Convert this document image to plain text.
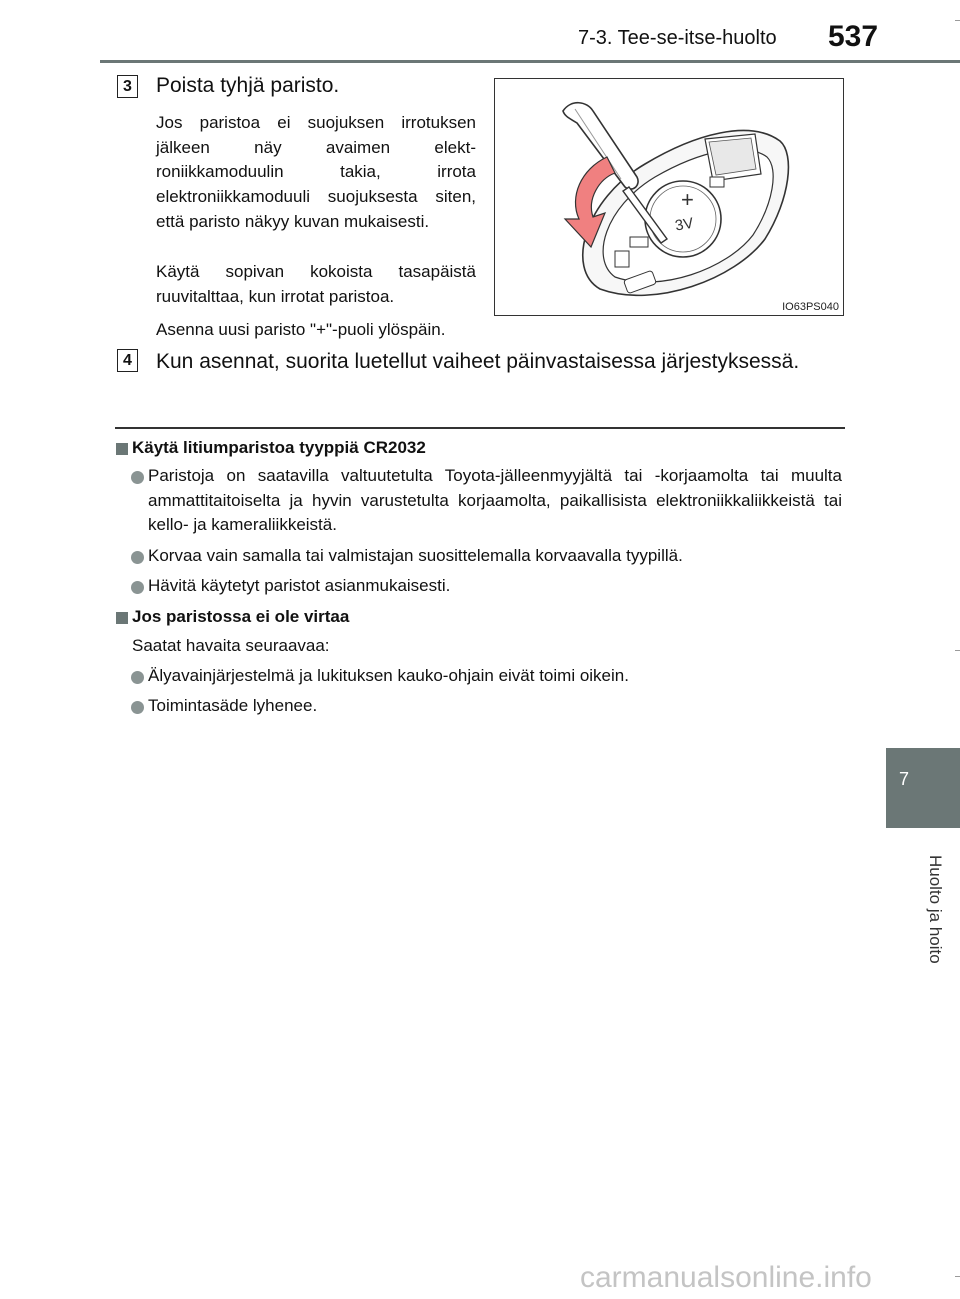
7-3. Tee-se-itse-huolto 537
7
Huolto ja hoito
3 Poista tyhjä paristo.
Jos paristoa ei suojuksen irrotuksen jälkeen näy avaimen elektroniikkamoduulin takia, irrota elektroniikkamoduuli suojuksesta siten, että paristo näkyy kuvan mukaisesti.
Käytä sopivan kokoista tasapäistä ruuvitalttaa, kun irrotat paristoa.
Asenna uusi paristo "+"-puoli ylöspäin.
+
3V
IO63PS040
4 Kun asennat, suorita luetellut vaiheet päinvastaisessa järjestyksessä.
Käytä litiumparistoa tyyppiä CR2032
Paristoja on saatavilla valtuutetulta Toyota-jälleenmyyjältä tai -korjaamolta tai muulta ammattitaitoiselta ja hyvin varustetulta korjaamolta, paikallisista elektroniikkaliikkeistä tai kello- ja kameraliikkeistä.
Korvaa vain samalla tai valmistajan suosittelemalla korvaavalla tyypillä.
Hävitä käytetyt paristot asianmukaisesti.
Jos paristossa ei ole virtaa
Saatat havaita seuraavaa:
Älyavainjärjestelmä ja lukituksen kauko-ohjain eivät toimi oikein.
Toimintasäde lyhenee.
carmanualsonline.info
